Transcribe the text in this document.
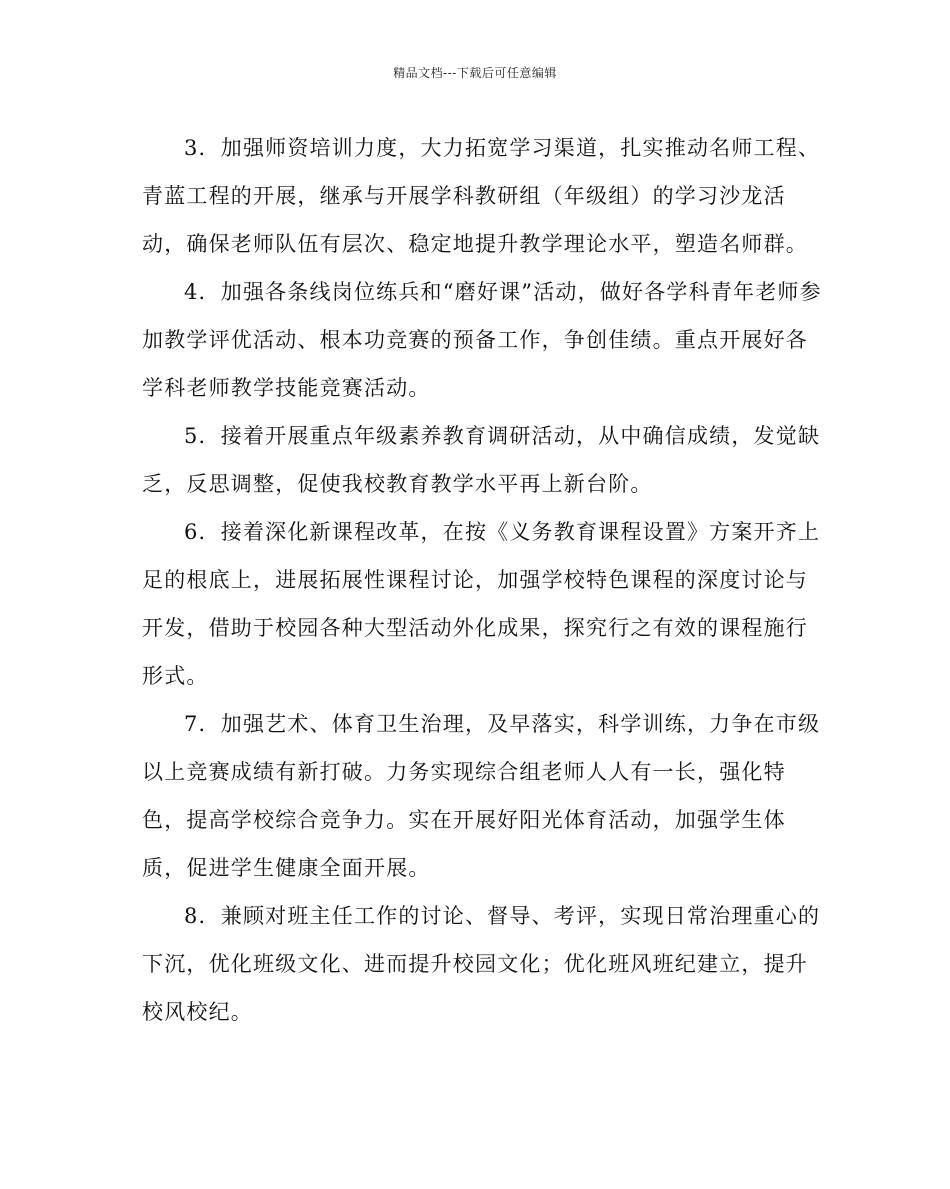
精品文档---下载后可任意编辑
3．加强师资培训力度，大力拓宽学习渠道，扎实推动名师工程、
青蓝工程的开展，继承与开展学科教研组（年级组）的学习沙龙活
动，确保老师队伍有层次、稳定地提升教学理论水平，塑造名师群。
4．加强各条线岗位练兵和“磨好课”活动，做好各学科青年老师参
加教学评优活动、根本功竞赛的预备工作，争创佳绩。重点开展好各
学科老师教学技能竞赛活动。
5．接着开展重点年级素养教育调研活动，从中确信成绩，发觉缺
乏，反思调整，促使我校教育教学水平再上新台阶。
6．接着深化新课程改革，在按《义务教育课程设置》方案开齐上
足的根底上，进展拓展性课程讨论，加强学校特色课程的深度讨论与
开发，借助于校园各种大型活动外化成果，探究行之有效的课程施行
形式。
7．加强艺术、体育卫生治理，及早落实，科学训练，力争在市级
以上竞赛成绩有新打破。力务实现综合组老师人人有一长，强化特
色，提高学校综合竞争力。实在开展好阳光体育活动，加强学生体
质，促进学生健康全面开展。
8．兼顾对班主任工作的讨论、督导、考评，实现日常治理重心的
下沉，优化班级文化、进而提升校园文化；优化班风班纪建立，提升
校风校纪。
